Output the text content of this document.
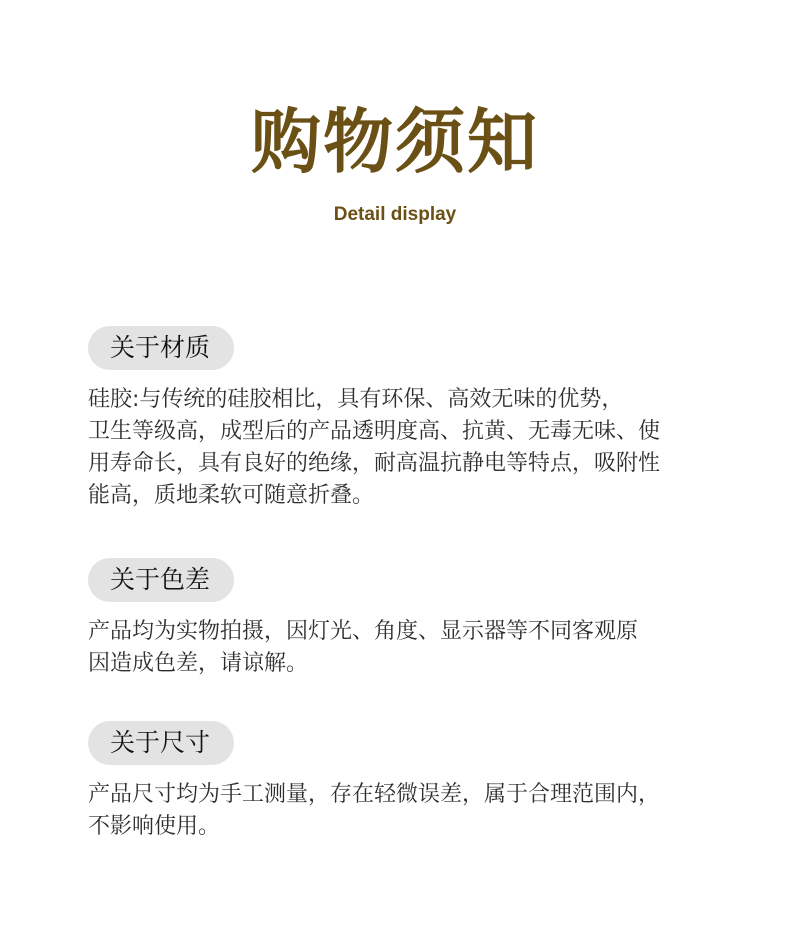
购物须知
Detail display
关于材质
硅胶:与传统的硅胶相比，具有环保、高效无味的优势，
卫生等级高，成型后的产品透明度高、抗黄、无毒无味、使
用寿命长，具有良好的绝缘，耐高温抗静电等特点，吸附性
能高，质地柔软可随意折叠。
关于色差
产品均为实物拍摄，因灯光、角度、显示器等不同客观原
因造成色差，请谅解。
关于尺寸
产品尺寸均为手工测量，存在轻微误差，属于合理范围内，
不影响使用。
